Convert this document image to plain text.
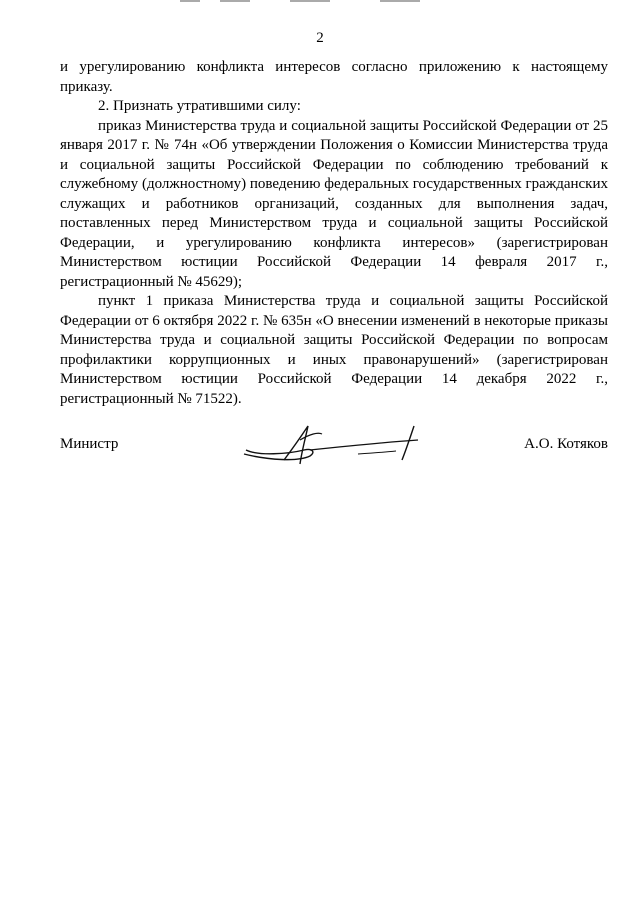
2

и урегулированию конфликта интересов согласно приложению к настоящему приказу.

2. Признать утратившими силу:

приказ Министерства труда и социальной защиты Российской Федерации от 25 января 2017 г. № 74н «Об утверждении Положения о Комиссии Министерства труда и социальной защиты Российской Федерации по соблюдению требований к служебному (должностному) поведению федеральных государственных гражданских служащих и работников организаций, созданных для выполнения задач, поставленных перед Министерством труда и социальной защиты Российской Федерации, и урегулированию конфликта интересов» (зарегистрирован Министерством юстиции Российской Федерации 14 февраля 2017 г., регистрационный № 45629);

пункт 1 приказа Министерства труда и социальной защиты Российской Федерации от 6 октября 2022 г. № 635н «О внесении изменений в некоторые приказы Министерства труда и социальной защиты Российской Федерации по вопросам профилактики коррупционных и иных правонарушений» (зарегистрирован Министерством юстиции Российской Федерации 14 декабря 2022 г., регистрационный № 71522).

Министр	А.О. Котяков
